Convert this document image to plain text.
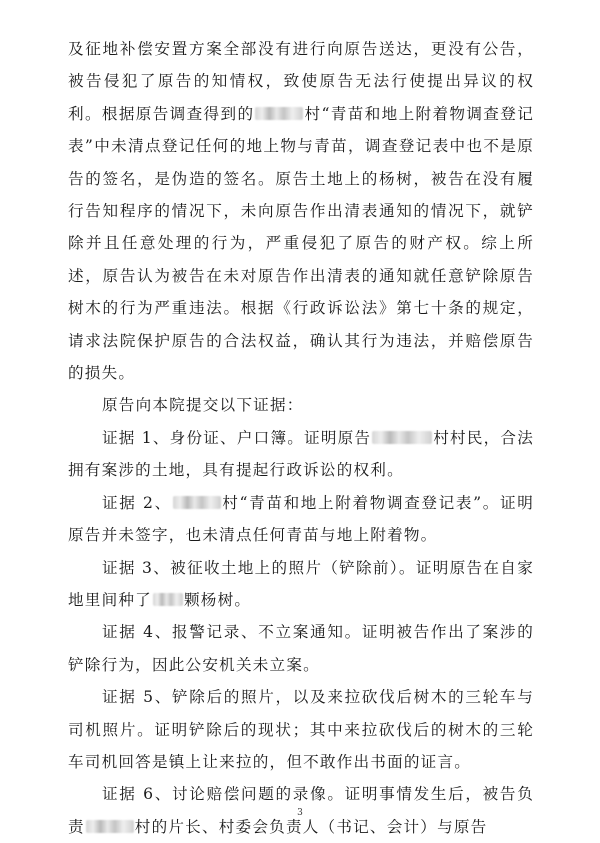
及征地补偿安置方案全部没有进行向原告送达，更没有公告，被告侵犯了原告的知情权，致使原告无法行使提出异议的权利。根据原告调查得到的	村“青苗和地上附着物调查登记表”中未清点登记任何的地上物与青苗，调查登记表中也不是原告的签名，是伪造的签名。原告土地上的杨树，被告在没有履行告知程序的情况下，未向原告作出清表通知的情况下，就铲除并且任意处理的行为，严重侵犯了原告的财产权。综上所述，原告认为被告在未对原告作出清表的通知就任意铲除原告树木的行为严重违法。根据《行政诉讼法》第七十条的规定，请求法院保护原告的合法权益，确认其行为违法，并赔偿原告的损失。

原告向本院提交以下证据：

证据 1、身份证、户口簿。证明原告	村村民，合法拥有案涉的土地，具有提起行政诉讼的权利。

证据 2、	村“青苗和地上附着物调查登记表”。证明原告并未签字，也未清点任何青苗与地上附着物。

证据 3、被征收土地上的照片（铲除前）。证明原告在自家地里间种了 颗杨树。

证据 4、报警记录、不立案通知。证明被告作出了案涉的铲除行为，因此公安机关未立案。

证据 5、铲除后的照片，以及来拉砍伐后树木的三轮车与司机照片。证明铲除后的现状；其中来拉砍伐后的树木的三轮车司机回答是镇上让来拉的，但不敢作出书面的证言。

证据 6、讨论赔偿问题的录像。证明事情发生后，被告负责	村的片长、村委会负责人（书记、会计）与原告

3
